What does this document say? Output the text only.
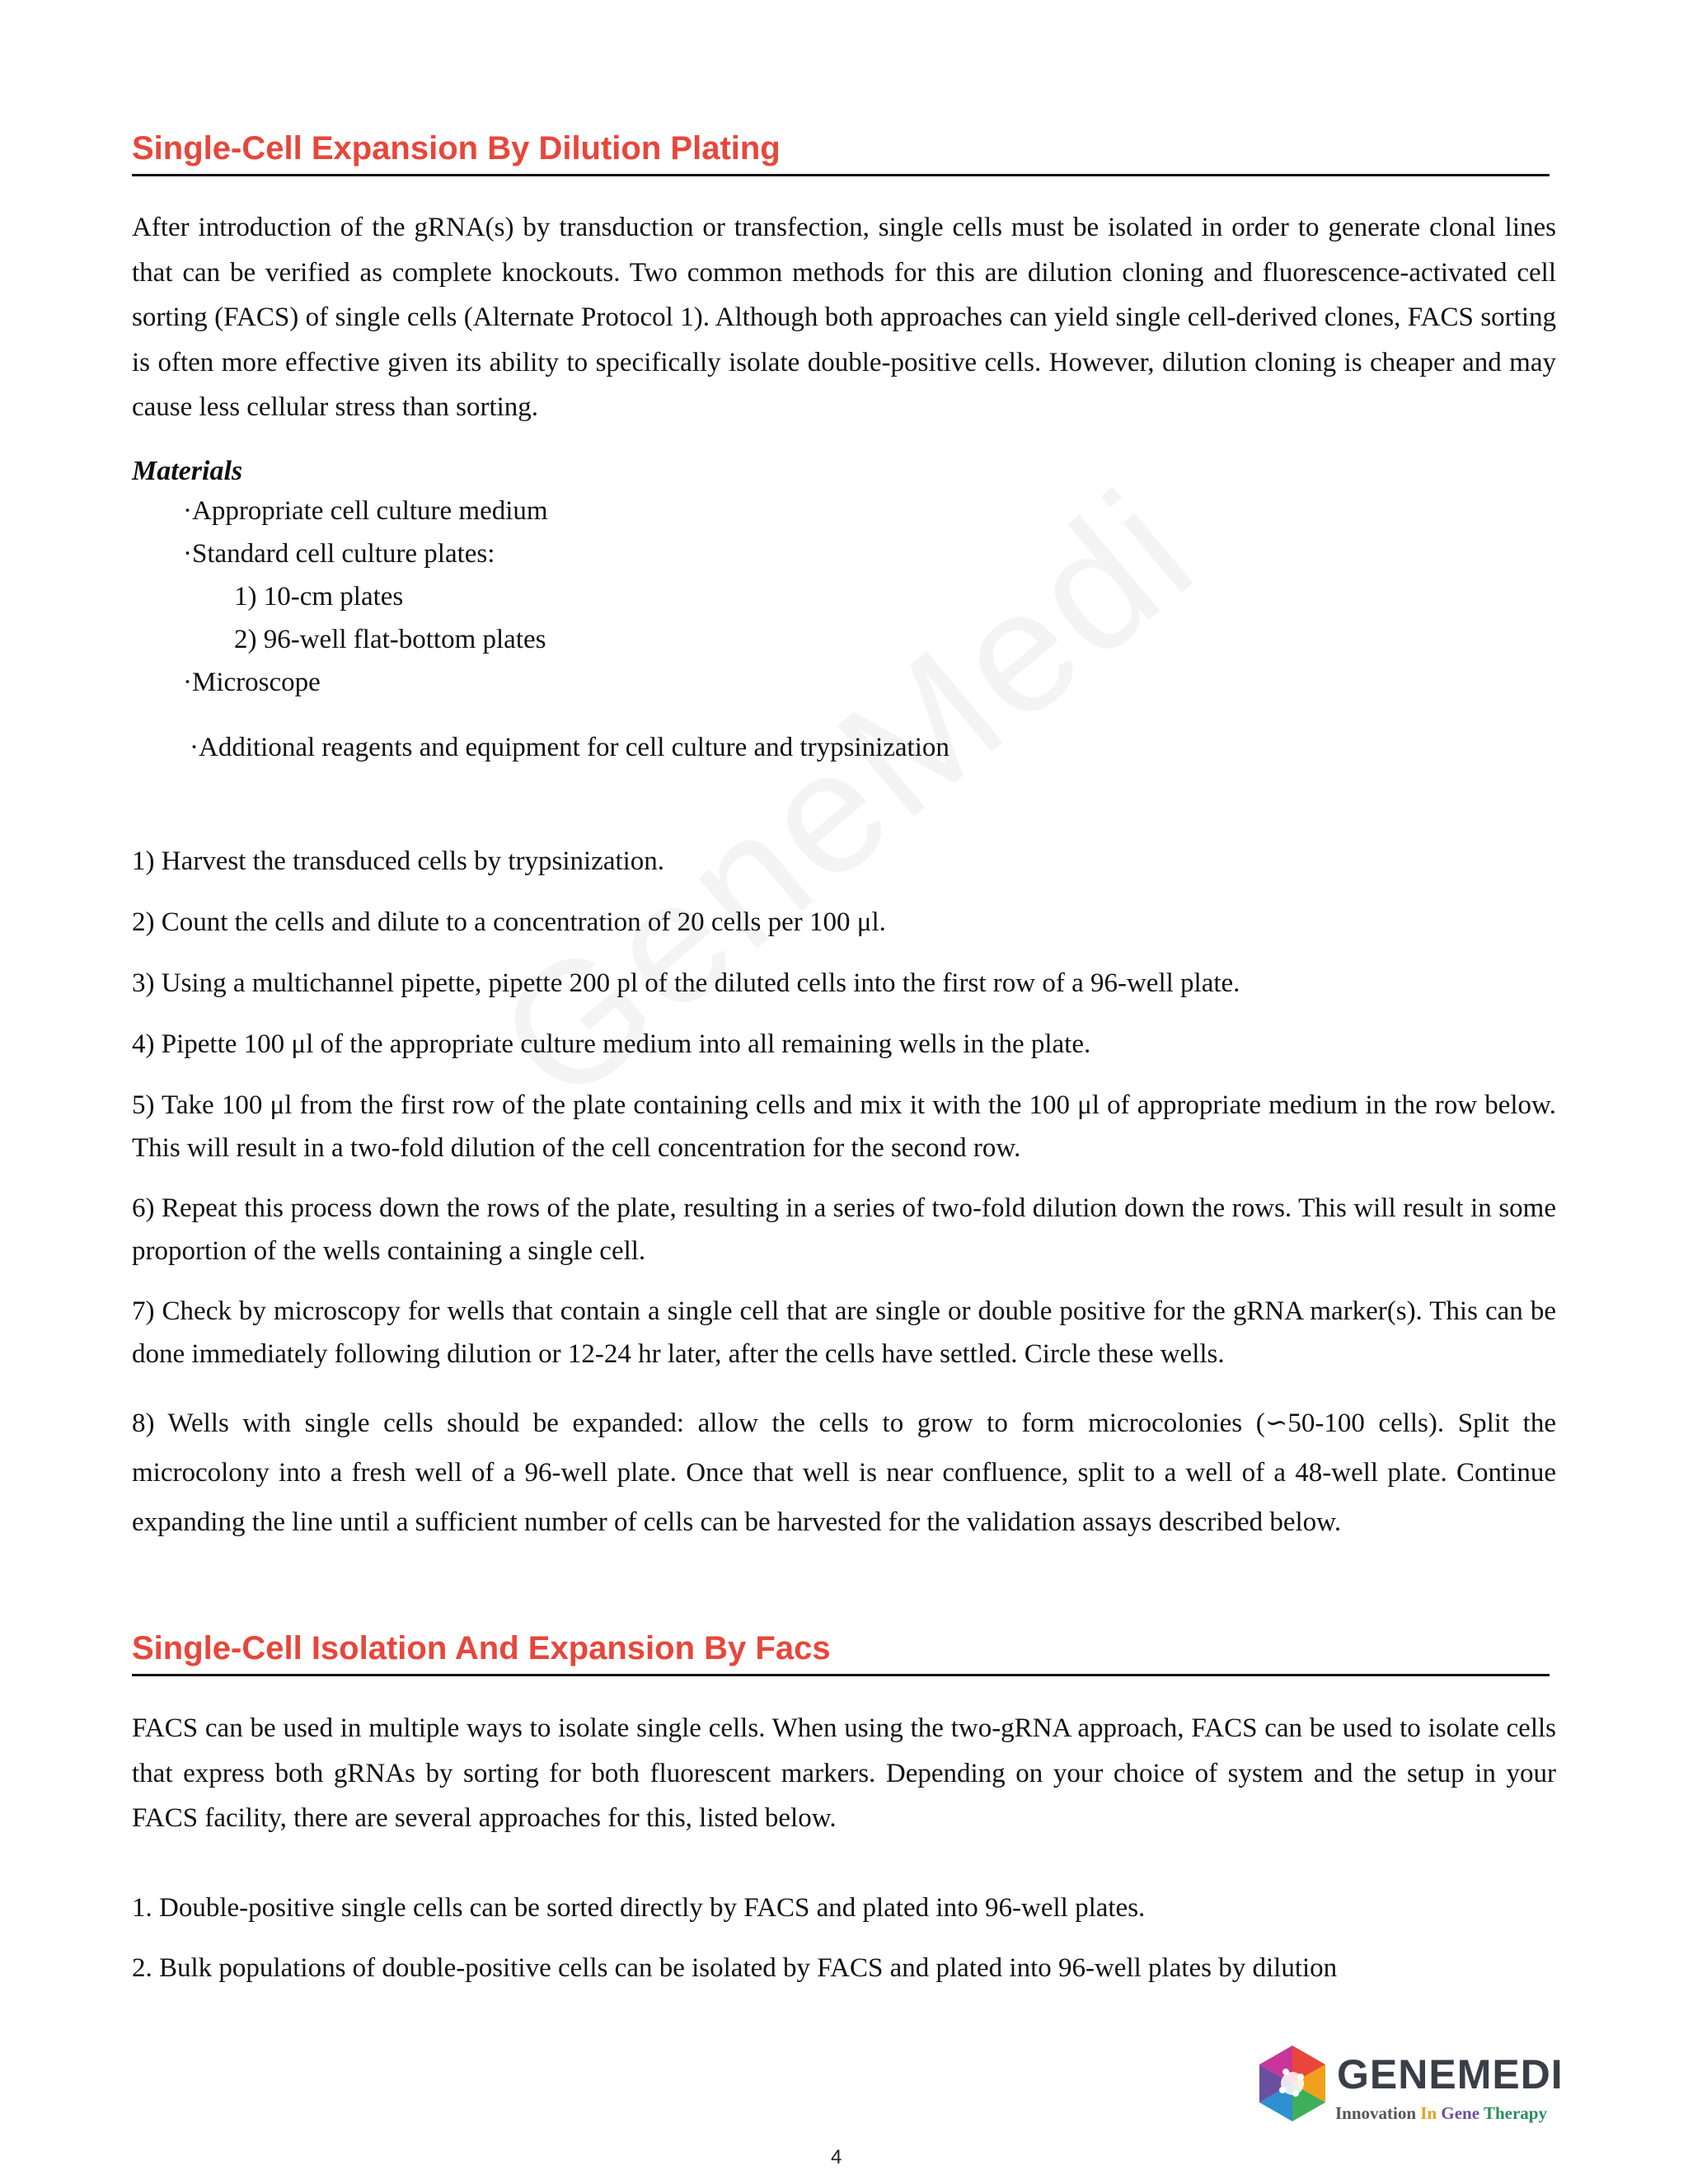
Single-Cell Expansion By Dilution Plating
After introduction of the gRNA(s) by transduction or transfection, single cells must be isolated in order to generate clonal lines that can be verified as complete knockouts. Two common methods for this are dilution cloning and fluorescence-activated cell sorting (FACS) of single cells (Alternate Protocol 1). Although both approaches can yield single cell-derived clones, FACS sorting is often more effective given its ability to specifically isolate double-positive cells. However, dilution cloning is cheaper and may cause less cellular stress than sorting.
Materials
·Appropriate cell culture medium
·Standard cell culture plates:
1) 10-cm plates
2) 96-well flat-bottom plates
·Microscope
·Additional reagents and equipment for cell culture and trypsinization
1) Harvest the transduced cells by trypsinization.
2) Count the cells and dilute to a concentration of 20 cells per 100 μl.
3) Using a multichannel pipette, pipette 200 pl of the diluted cells into the first row of a 96-well plate.
4) Pipette 100 μl of the appropriate culture medium into all remaining wells in the plate.
5) Take 100 μl from the first row of the plate containing cells and mix it with the 100 μl of appropriate medium in the row below. This will result in a two-fold dilution of the cell concentration for the second row.
6) Repeat this process down the rows of the plate, resulting in a series of two-fold dilution down the rows. This will result in some proportion of the wells containing a single cell.
7) Check by microscopy for wells that contain a single cell that are single or double positive for the gRNA marker(s). This can be done immediately following dilution or 12-24 hr later, after the cells have settled. Circle these wells.
8) Wells with single cells should be expanded: allow the cells to grow to form microcolonies (∽50-100 cells). Split the microcolony into a fresh well of a 96-well plate. Once that well is near confluence, split to a well of a 48-well plate. Continue expanding the line until a sufficient number of cells can be harvested for the validation assays described below.
Single-Cell Isolation And Expansion By Facs
FACS can be used in multiple ways to isolate single cells. When using the two-gRNA approach, FACS can be used to isolate cells that express both gRNAs by sorting for both fluorescent markers. Depending on your choice of system and the setup in your FACS facility, there are several approaches for this, listed below.
1. Double-positive single cells can be sorted directly by FACS and plated into 96-well plates.
2. Bulk populations of double-positive cells can be isolated by FACS and plated into 96-well plates by dilution
GENEMEDI
Innovation In Gene Therapy
4
